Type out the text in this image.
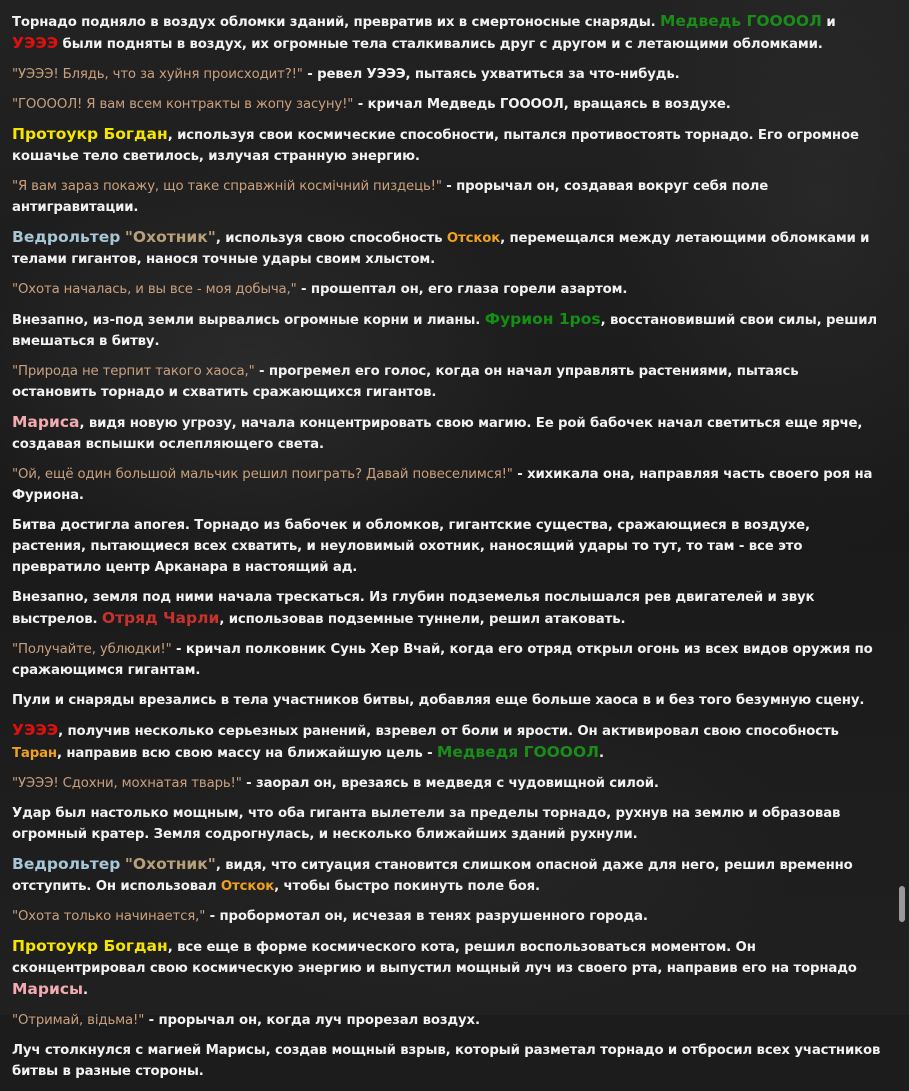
Торнадо подняло в воздух обломки зданий, превратив их в смертоносные снаряды. Медведь ГООООЛ и УЭЭЭ были подняты в воздух, их огромные тела сталкивались друг с другом и с летающими обломками.

"УЭЭЭ! Блядь, что за хуйня происходит?!" - ревел УЭЭЭ, пытаясь ухватиться за что-нибудь.

"ГООООЛ! Я вам всем контракты в жопу засуну!" - кричал Медведь ГООООЛ, вращаясь в воздухе.

Протоукр Богдан, используя свои космические способности, пытался противостоять торнадо. Его огромное кошачье тело светилось, излучая странную энергию.

"Я вам зараз покажу, що таке справжній космічний пиздець!" - прорычал он, создавая вокруг себя поле антигравитации.

Ведрольтер "Охотник", используя свою способность Отскок, перемещался между летающими обломками и телами гигантов, нанося точные удары своим хлыстом.

"Охота началась, и вы все - моя добыча," - прошептал он, его глаза горели азартом.

Внезапно, из-под земли вырвались огромные корни и лианы. Фурион 1pos, восстановивший свои силы, решил вмешаться в битву.

"Природа не терпит такого хаоса," - прогремел его голос, когда он начал управлять растениями, пытаясь остановить торнадо и схватить сражающихся гигантов.

Мариса, видя новую угрозу, начала концентрировать свою магию. Ее рой бабочек начал светиться еще ярче, создавая вспышки ослепляющего света.

"Ой, ещё один большой мальчик решил поиграть? Давай повеселимся!" - хихикала она, направляя часть своего роя на Фуриона.

Битва достигла апогея. Торнадо из бабочек и обломков, гигантские существа, сражающиеся в воздухе, растения, пытающиеся всех схватить, и неуловимый охотник, наносящий удары то тут, то там - все это превратило центр Арканара в настоящий ад.

Внезапно, земля под ними начала трескаться. Из глубин подземелья послышался рев двигателей и звук выстрелов. Отряд Чарли, использовав подземные туннели, решил атаковать.

"Получайте, ублюдки!" - кричал полковник Сунь Хер Вчай, когда его отряд открыл огонь из всех видов оружия по сражающимся гигантам.

Пули и снаряды врезались в тела участников битвы, добавляя еще больше хаоса в и без того безумную сцену.

УЭЭЭ, получив несколько серьезных ранений, взревел от боли и ярости. Он активировал свою способность Таран, направив всю свою массу на ближайшую цель - Медведя ГООООЛ.

"УЭЭЭ! Сдохни, мохнатая тварь!" - заорал он, врезаясь в медведя с чудовищной силой.

Удар был настолько мощным, что оба гиганта вылетели за пределы торнадо, рухнув на землю и образовав огромный кратер. Земля содрогнулась, и несколько ближайших зданий рухнули.

Ведрольтер "Охотник", видя, что ситуация становится слишком опасной даже для него, решил временно отступить. Он использовал Отскок, чтобы быстро покинуть поле боя.

"Охота только начинается," - пробормотал он, исчезая в тенях разрушенного города.

Протоукр Богдан, все еще в форме космического кота, решил воспользоваться моментом. Он сконцентрировал свою космическую энергию и выпустил мощный луч из своего рта, направив его на торнадо Марисы.

"Отримай, відьма!" - прорычал он, когда луч прорезал воздух.

Луч столкнулся с магией Марисы, создав мощный взрыв, который разметал торнадо и отбросил всех участников битвы в разные стороны.
